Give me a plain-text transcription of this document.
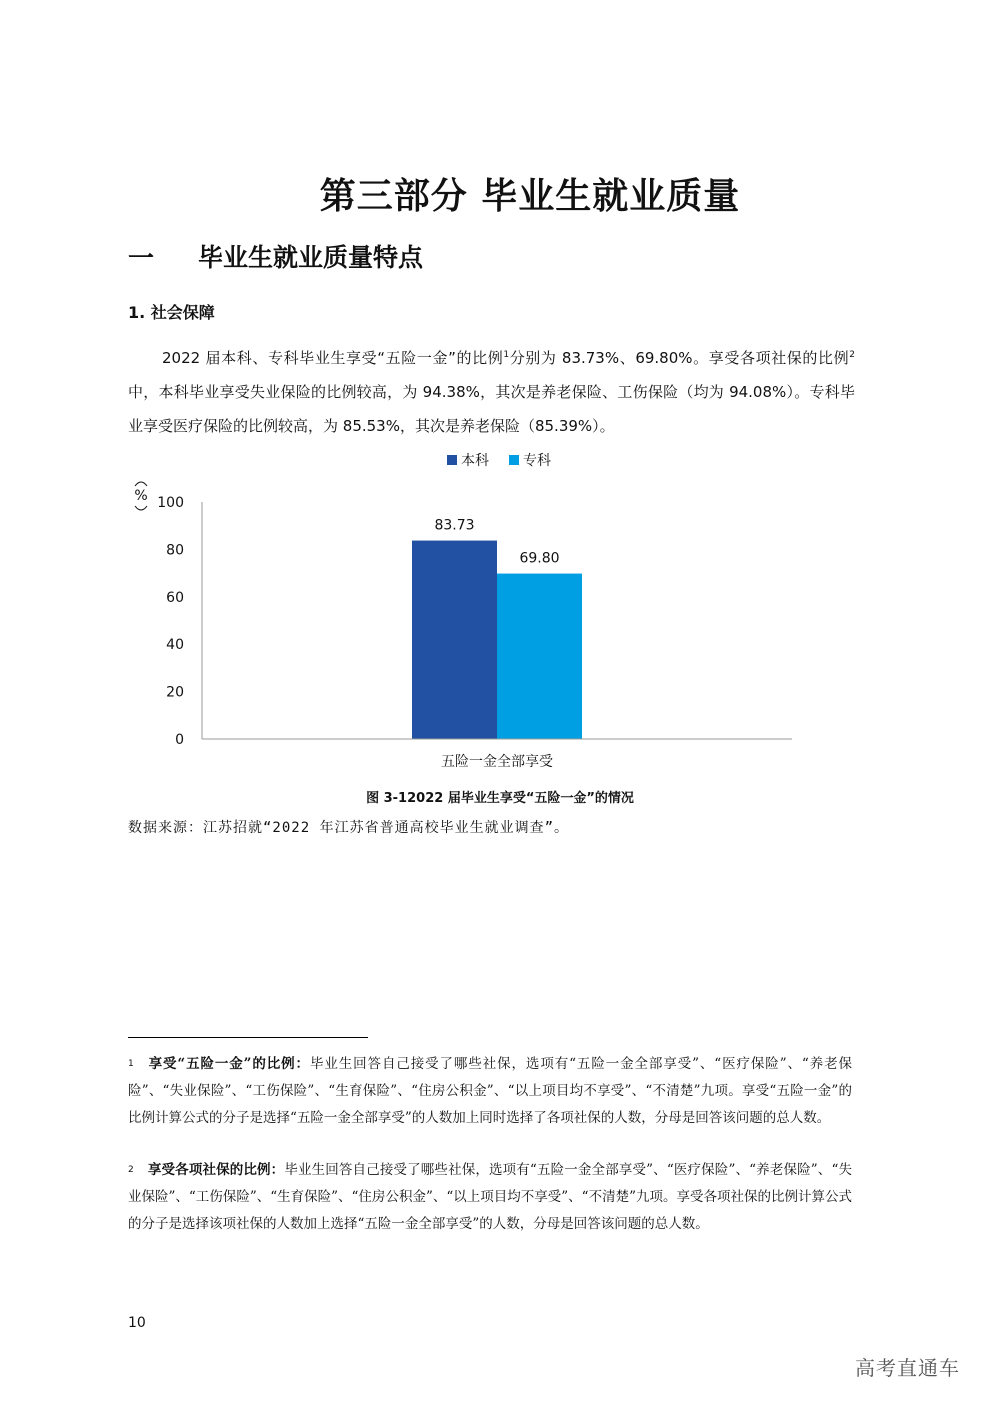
第三部分 毕业生就业质量
一 毕业生就业质量特点
1. 社会保障
2022 届本科、专科毕业生享受“五险一金”的比例$^1$分别为 83.73%、69.80%。享受各项社保的比例$^2$中，本科毕业享受失业保险的比例较高，为 94.38%，其次是养老保险、工伤保险（均为 94.08%）。专科毕业享受医疗保险的比例较高，为 85.53%，其次是养老保险（85.39%）。
本科 专科
%
0
20
40
60
80
100
83.73
69.80
五险一金全部享受
图 3-12022 届毕业生享受“五险一金”的情况
数据来源：江苏招就“2022 年江苏省普通高校毕业生就业调查”。
$^1$ 享受“五险一金”的比例：毕业生回答自己接受了哪些社保，选项有“五险一金全部享受”、“医疗保险”、“养老保险”、“失业保险”、“工伤保险”、“生育保险”、“住房公积金”、“以上项目均不享受”、“不清楚”九项。享受“五险一金”的比例计算公式的分子是选择“五险一金全部享受”的人数加上同时选择了各项社保的人数，分母是回答该问题的总人数。
$^2$ 享受各项社保的比例：毕业生回答自己接受了哪些社保，选项有“五险一金全部享受”、“医疗保险”、“养老保险”、“失业保险”、“工伤保险”、“生育保险”、“住房公积金”、“以上项目均不享受”、“不清楚”九项。享受各项社保的比例计算公式的分子是选择该项社保的人数加上选择“五险一金全部享受”的人数，分母是回答该问题的总人数。
10
高考直通车
